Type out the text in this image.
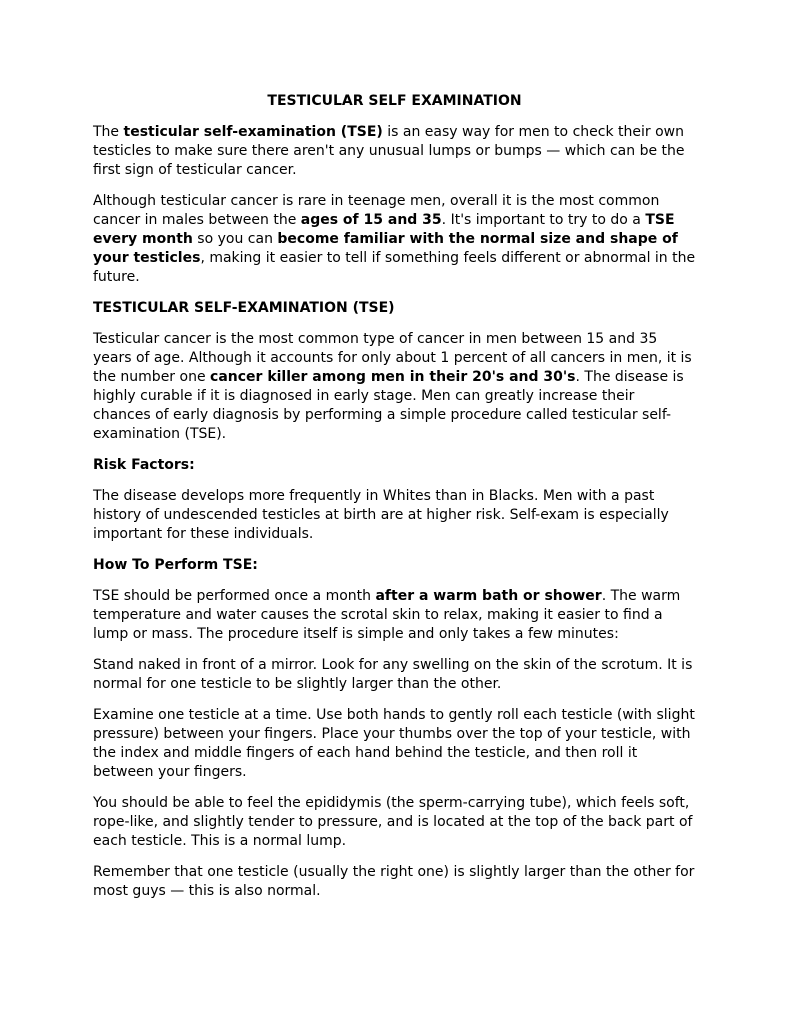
TESTICULAR SELF EXAMINATION

The testicular self-examination (TSE) is an easy way for men to check their own testicles to make sure there aren't any unusual lumps or bumps — which can be the first sign of testicular cancer.

Although testicular cancer is rare in teenage men, overall it is the most common cancer in males between the ages of 15 and 35. It's important to try to do a TSE every month so you can become familiar with the normal size and shape of your testicles, making it easier to tell if something feels different or abnormal in the future.

TESTICULAR SELF-EXAMINATION (TSE)

Testicular cancer is the most common type of cancer in men between 15 and 35 years of age. Although it accounts for only about 1 percent of all cancers in men, it is the number one cancer killer among men in their 20's and 30's. The disease is highly curable if it is diagnosed in early stage. Men can greatly increase their chances of early diagnosis by performing a simple procedure called testicular self-examination (TSE).

Risk Factors:

The disease develops more frequently in Whites than in Blacks. Men with a past history of undescended testicles at birth are at higher risk. Self-exam is especially important for these individuals.

How To Perform TSE:

TSE should be performed once a month after a warm bath or shower. The warm temperature and water causes the scrotal skin to relax, making it easier to find a lump or mass. The procedure itself is simple and only takes a few minutes:

Stand naked in front of a mirror. Look for any swelling on the skin of the scrotum. It is normal for one testicle to be slightly larger than the other.

Examine one testicle at a time. Use both hands to gently roll each testicle (with slight pressure) between your fingers. Place your thumbs over the top of your testicle, with the index and middle fingers of each hand behind the testicle, and then roll it between your fingers.

You should be able to feel the epididymis (the sperm-carrying tube), which feels soft, rope-like, and slightly tender to pressure, and is located at the top of the back part of each testicle. This is a normal lump.

Remember that one testicle (usually the right one) is slightly larger than the other for most guys — this is also normal.
